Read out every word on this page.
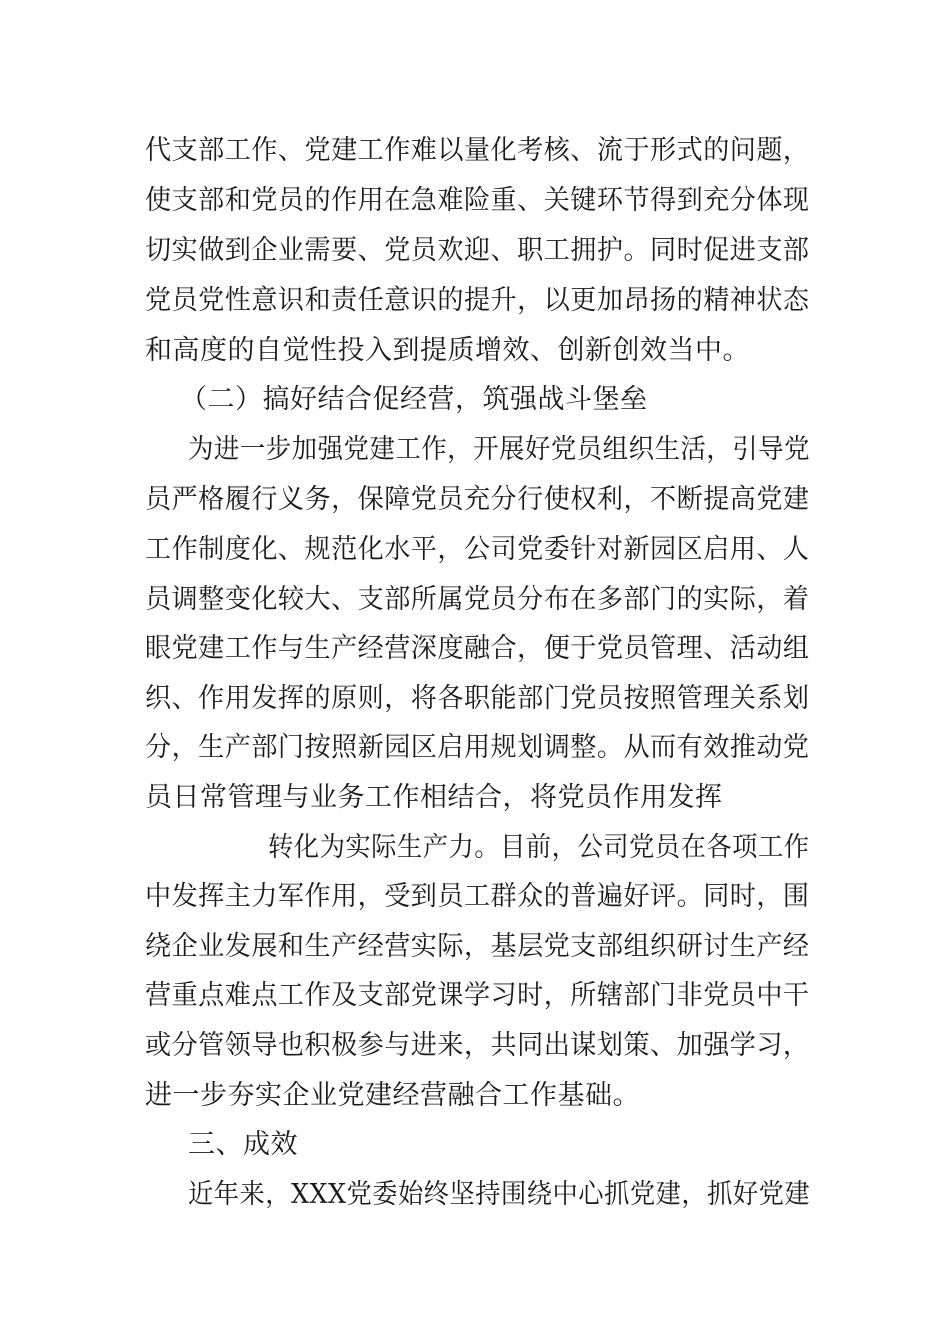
代支部工作、党建工作难以量化考核、流于形式的问题，
使支部和党员的作用在急难险重、关键环节得到充分体现
切实做到企业需要、党员欢迎、职工拥护。同时促进支部
党员党性意识和责任意识的提升，以更加昂扬的精神状态
和高度的自觉性投入到提质增效、创新创效当中。
（二）搞好结合促经营，筑强战斗堡垒
为进一步加强党建工作，开展好党员组织生活，引导党
员严格履行义务，保障党员充分行使权利，不断提高党建
工作制度化、规范化水平，公司党委针对新园区启用、人
员调整变化较大、支部所属党员分布在多部门的实际，着
眼党建工作与生产经营深度融合，便于党员管理、活动组
织、作用发挥的原则，将各职能部门党员按照管理关系划
分，生产部门按照新园区启用规划调整。从而有效推动党
员日常管理与业务工作相结合，将党员作用发挥
转化为实际生产力。目前，公司党员在各项工作
中发挥主力军作用，受到员工群众的普遍好评。同时，围
绕企业发展和生产经营实际，基层党支部组织研讨生产经
营重点难点工作及支部党课学习时，所辖部门非党员中干
或分管领导也积极参与进来，共同出谋划策、加强学习，
进一步夯实企业党建经营融合工作基础。
三、成效
近年来，XXX党委始终坚持围绕中心抓党建，抓好党建
